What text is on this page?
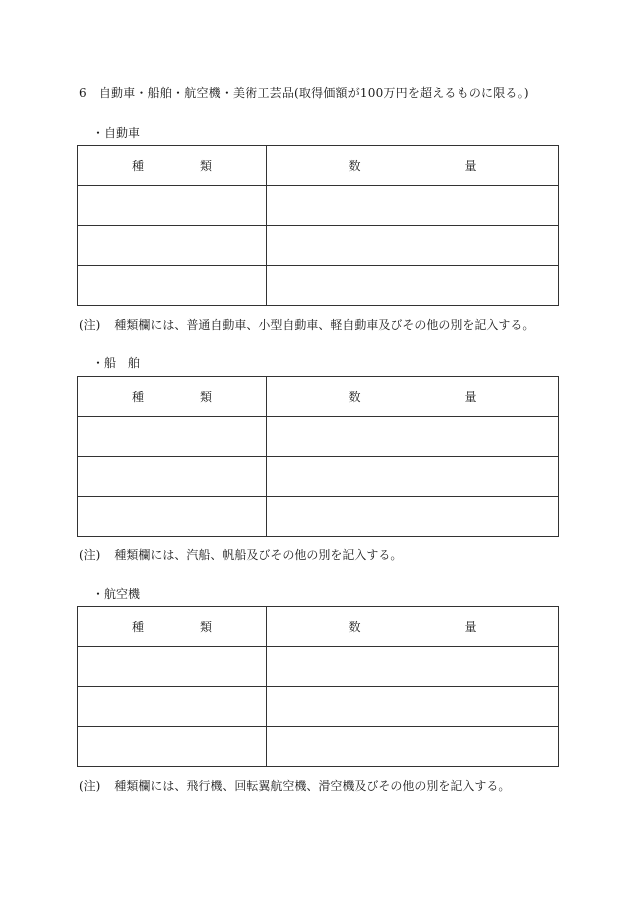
6 自動車・船舶・航空機・美術工芸品(取得価額が100万円を超えるものに限る。)
・自動車
種 類	数 量

(注) 種類欄には、普通自動車、小型自動車、軽自動車及びその他の別を記入する。
・船　舶
種 類	数 量

(注) 種類欄には、汽船、帆船及びその他の別を記入する。
・航空機
種 類	数 量

(注) 種類欄には、飛行機、回転翼航空機、滑空機及びその他の別を記入する。
